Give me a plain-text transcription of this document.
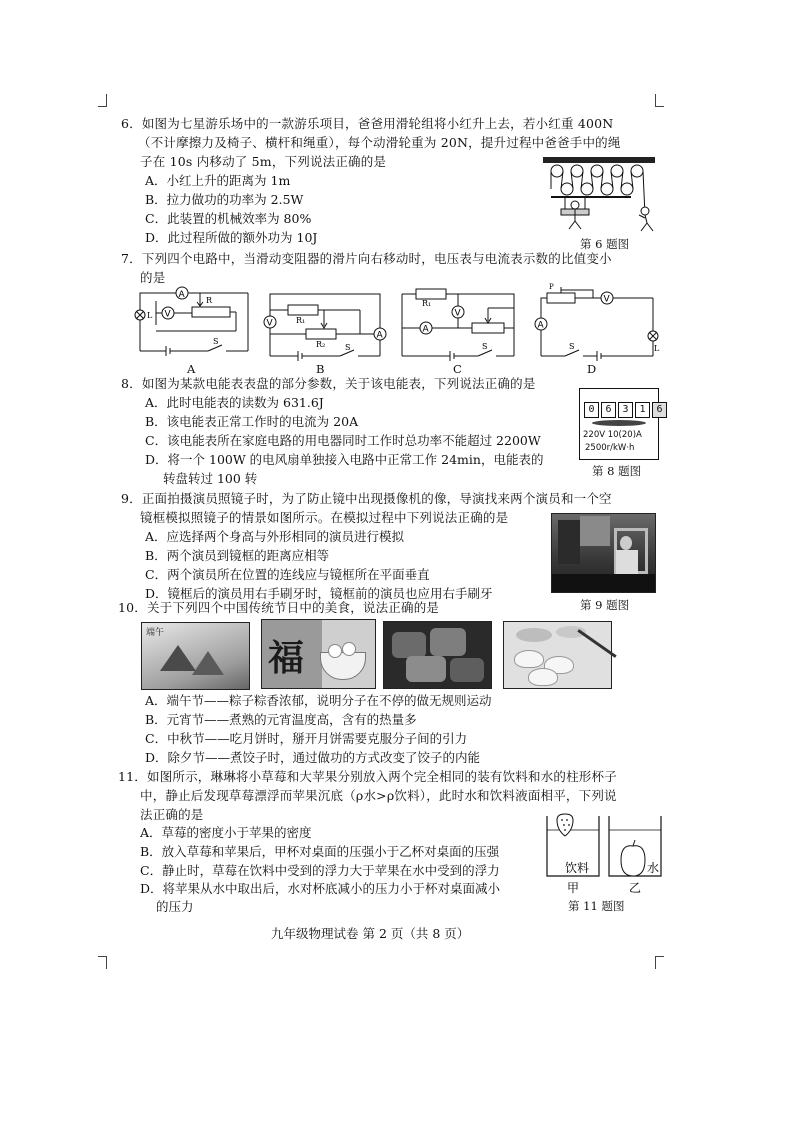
6．如图为七星游乐场中的一款游乐项目，爸爸用滑轮组将小红升上去，若小红重 400N
（不计摩擦力及椅子、横杆和绳重），每个动滑轮重为 20N，提升过程中爸爸手中的绳
子在 10s 内移动了 5m，下列说法正确的是
A．小红上升的距离为 1m
B．拉力做功的功率为 2.5W
C．此装置的机械效率为 80%
D．此过程所做的额外功为 10J	第 6 题图
7．下列四个电路中，当滑动变阻器的滑片向右移动时，电压表与电流表示数的比值变小
的是
A
V
L
R
S
A
V
A
R₁
R₂ S
B
V
A
R₁
S
C
V
A
L
P
S
D
8．如图为某款电能表表盘的部分参数，关于该电能表，下列说法正确的是
A．此时电能表的读数为 631.6J
B．该电能表正常工作时的电流为 20A
C．该电能表所在家庭电路的用电器同时工作时总功率不能超过 2200W
D．将一个 100W 的电风扇单独接入电路中正常工作 24min，电能表的
转盘转过 100 转
0 6 3 1 6
220V 10(20)A
2500r/kW·h
第 8 题图
9．正面拍摄演员照镜子时，为了防止镜中出现摄像机的像，导演找来两个演员和一个空
镜框模拟照镜子的情景如图所示。在模拟过程中下列说法正确的是
A．应选择两个身高与外形相同的演员进行模拟
B．两个演员到镜框的距离应相等
C．两个演员所在位置的连线应与镜框所在平面垂直
D．镜框后的演员用右手刷牙时，镜框前的演员也应用右手刷牙
第 9 题图
10．关于下列四个中国传统节日中的美食，说法正确的是
端午
福
A．端午节——粽子粽香浓郁，说明分子在不停的做无规则运动
B．元宵节——煮熟的元宵温度高，含有的热量多
C．中秋节——吃月饼时，掰开月饼需要克服分子间的引力
D．除夕节——煮饺子时，通过做功的方式改变了饺子的内能
11．如图所示，琳琳将小草莓和大苹果分别放入两个完全相同的装有饮料和水的柱形杯子
中，静止后发现草莓漂浮而苹果沉底（ρ水>ρ饮料），此时水和饮料液面相平，下列说
法正确的是
A．草莓的密度小于苹果的密度
B．放入草莓和苹果后，甲杯对桌面的压强小于乙杯对桌面的压强
C．静止时，草莓在饮料中受到的浮力大于苹果在水中受到的浮力
D．将苹果从水中取出后，水对杯底减小的压力小于杯对桌面减小
的压力
饮料	水
甲	乙
第 11 题图
九年级物理试卷 第 2 页（共 8 页）
